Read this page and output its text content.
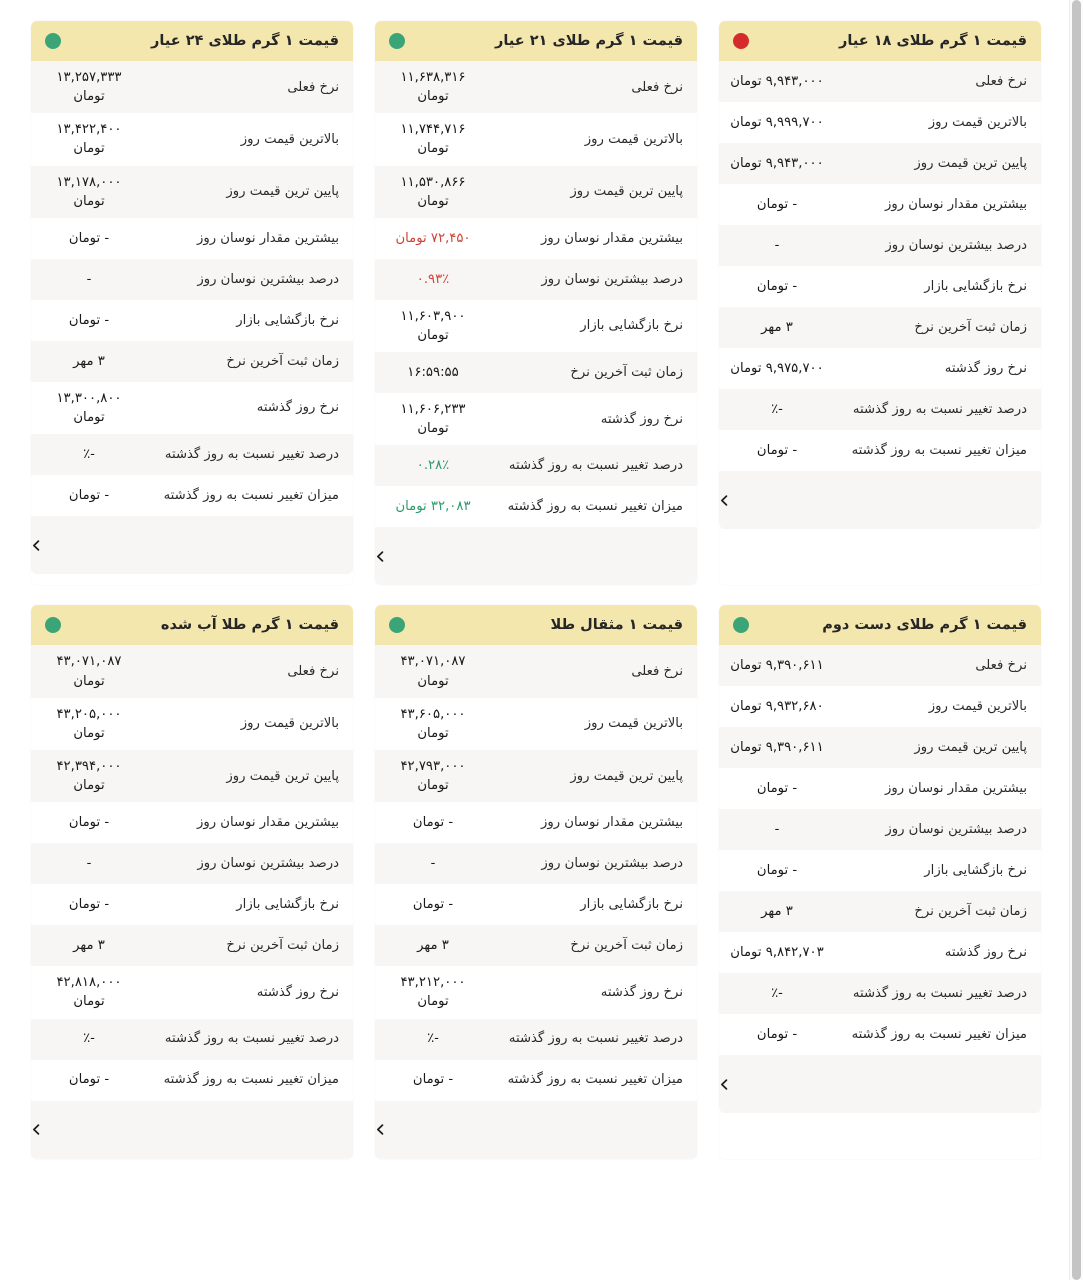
قیمت ۱ گرم طلای ۱۸ عیار
نرخ فعلی
۹,۹۴۳,۰۰۰ تومان
بالاترین قیمت روز
۹,۹۹۹,۷۰۰ تومان
پایین ترین قیمت روز
۹,۹۴۳,۰۰۰ تومان
بیشترین مقدار نوسان روز
- تومان
درصد بیشترین نوسان روز
-
نرخ بازگشایی بازار
- تومان
زمان ثبت آخرین نرخ
۳ مهر
نرخ روز گذشته
۹,۹۷۵,۷۰۰ تومان
درصد تغییر نسبت به روز گذشته
-٪
میزان تغییر نسبت به روز گذشته
- تومان
قیمت ۱ گرم طلای ۲۱ عیار
نرخ فعلی
۱۱,۶۳۸,۳۱۶ تومان
بالاترین قیمت روز
۱۱,۷۴۴,۷۱۶ تومان
پایین ترین قیمت روز
۱۱,۵۳۰,۸۶۶ تومان
بیشترین مقدار نوسان روز
۷۲,۴۵۰ تومان
درصد بیشترین نوسان روز
۰.۹۳٪
نرخ بازگشایی بازار
۱۱,۶۰۳,۹۰۰ تومان
زمان ثبت آخرین نرخ
۱۶:۵۹:۵۵
نرخ روز گذشته
۱۱,۶۰۶,۲۳۳ تومان
درصد تغییر نسبت به روز گذشته
۰.۲۸٪
میزان تغییر نسبت به روز گذشته
۳۲,۰۸۳ تومان
قیمت ۱ گرم طلای ۲۴ عیار
نرخ فعلی
۱۳,۲۵۷,۳۳۳ تومان
بالاترین قیمت روز
۱۳,۴۲۲,۴۰۰ تومان
پایین ترین قیمت روز
۱۳,۱۷۸,۰۰۰ تومان
بیشترین مقدار نوسان روز
- تومان
درصد بیشترین نوسان روز
-
نرخ بازگشایی بازار
- تومان
زمان ثبت آخرین نرخ
۳ مهر
نرخ روز گذشته
۱۳,۳۰۰,۸۰۰ تومان
درصد تغییر نسبت به روز گذشته
-٪
میزان تغییر نسبت به روز گذشته
- تومان
قیمت ۱ گرم طلای دست دوم
نرخ فعلی
۹,۳۹۰,۶۱۱ تومان
بالاترین قیمت روز
۹,۹۳۲,۶۸۰ تومان
پایین ترین قیمت روز
۹,۳۹۰,۶۱۱ تومان
بیشترین مقدار نوسان روز
- تومان
درصد بیشترین نوسان روز
-
نرخ بازگشایی بازار
- تومان
زمان ثبت آخرین نرخ
۳ مهر
نرخ روز گذشته
۹,۸۴۲,۷۰۳ تومان
درصد تغییر نسبت به روز گذشته
-٪
میزان تغییر نسبت به روز گذشته
- تومان
قیمت ۱ مثقال طلا
نرخ فعلی
۴۳,۰۷۱,۰۸۷ تومان
بالاترین قیمت روز
۴۳,۶۰۵,۰۰۰ تومان
پایین ترین قیمت روز
۴۲,۷۹۳,۰۰۰ تومان
بیشترین مقدار نوسان روز
- تومان
درصد بیشترین نوسان روز
-
نرخ بازگشایی بازار
- تومان
زمان ثبت آخرین نرخ
۳ مهر
نرخ روز گذشته
۴۳,۲۱۲,۰۰۰ تومان
درصد تغییر نسبت به روز گذشته
-٪
میزان تغییر نسبت به روز گذشته
- تومان
قیمت ۱ گرم طلا آب شده
نرخ فعلی
۴۳,۰۷۱,۰۸۷ تومان
بالاترین قیمت روز
۴۳,۲۰۵,۰۰۰ تومان
پایین ترین قیمت روز
۴۲,۳۹۴,۰۰۰ تومان
بیشترین مقدار نوسان روز
- تومان
درصد بیشترین نوسان روز
-
نرخ بازگشایی بازار
- تومان
زمان ثبت آخرین نرخ
۳ مهر
نرخ روز گذشته
۴۲,۸۱۸,۰۰۰ تومان
درصد تغییر نسبت به روز گذشته
-٪
میزان تغییر نسبت به روز گذشته
- تومان
